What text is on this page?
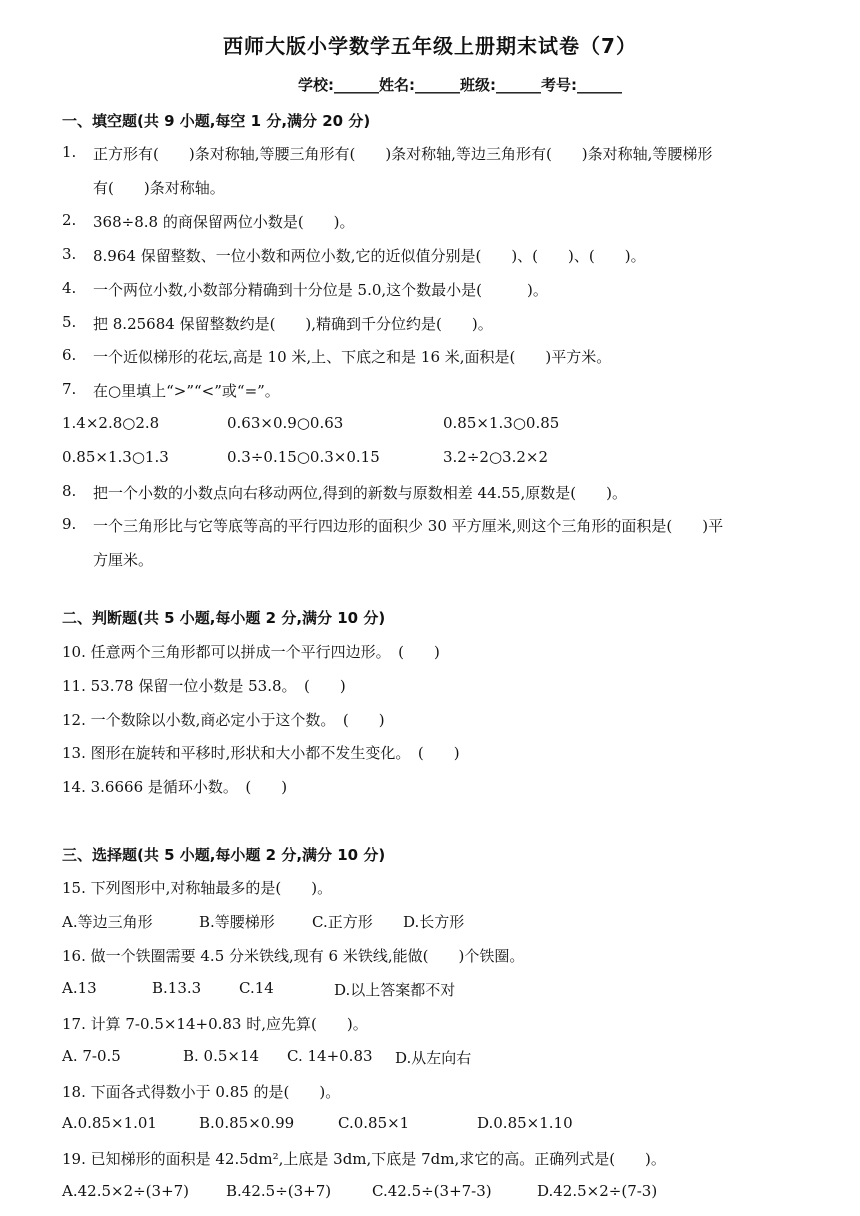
西师大版小学数学五年级上册期末试卷（7）
学校:______姓名:______班级:______考号:______
一、填空题(共 9 小题,每空 1 分,满分 20 分)
1. 正方形有(　　)条对称轴,等腰三角形有(　　)条对称轴,等边三角形有(　　)条对称轴,等腰梯形
有(　　)条对称轴。
2. 368÷8.8 的商保留两位小数是(　　)。
3. 8.964 保留整数、一位小数和两位小数,它的近似值分别是(　　)、(　　)、(　　)。
4. 一个两位小数,小数部分精确到十分位是 5.0,这个数最小是(　　　)。
5. 把 8.25684 保留整数约是(　　),精确到千分位约是(　　)。
6. 一个近似梯形的花坛,高是 10 米,上、下底之和是 16 米,面积是(　　)平方米。
7. 在○里填上“>”“<”或“=”。
1.4×2.8○2.8	0.63×0.9○0.63	0.85×1.3○0.85
0.85×1.3○1.3	0.3÷0.15○0.3×0.15	3.2÷2○3.2×2
8. 把一个小数的小数点向右移动两位,得到的新数与原数相差 44.55,原数是(　　)。
9. 一个三角形比与它等底等高的平行四边形的面积少 30 平方厘米,则这个三角形的面积是(　　)平
方厘米。
二、判断题(共 5 小题,每小题 2 分,满分 10 分)
10. 任意两个三角形都可以拼成一个平行四边形。　(　　)
11. 53.78 保留一位小数是 53.8。　(　　)
12. 一个数除以小数,商必定小于这个数。　(　　)
13. 图形在旋转和平移时,形状和大小都不发生变化。　(　　)
14. 3.6666 是循环小数。　(　　)
三、选择题(共 5 小题,每小题 2 分,满分 10 分)
15. 下列图形中,对称轴最多的是(　　)。
A.等边三角形	B.等腰梯形 C.正方形 D.长方形
16. 做一个铁圈需要 4.5 分米铁线,现有 6 米铁线,能做(　　)个铁圈。
A.13	B.13.3	C.14	D.以上答案都不对
17. 计算 7-0.5×14+0.83 时,应先算(　　)。
A. 7-0.5	B. 0.5×14 C. 14+0.83 D.从左向右
18. 下面各式得数小于 0.85 的是(　　)。
A.0.85×1.01	B.0.85×0.99	C.0.85×1	D.0.85×1.10
19. 已知梯形的面积是 42.5dm²,上底是 3dm,下底是 7dm,求它的高。正确列式是(　　)。
A.42.5×2÷(3+7) B.42.5÷(3+7)	C.42.5÷(3+7-3)	D.42.5×2÷(7-3)
